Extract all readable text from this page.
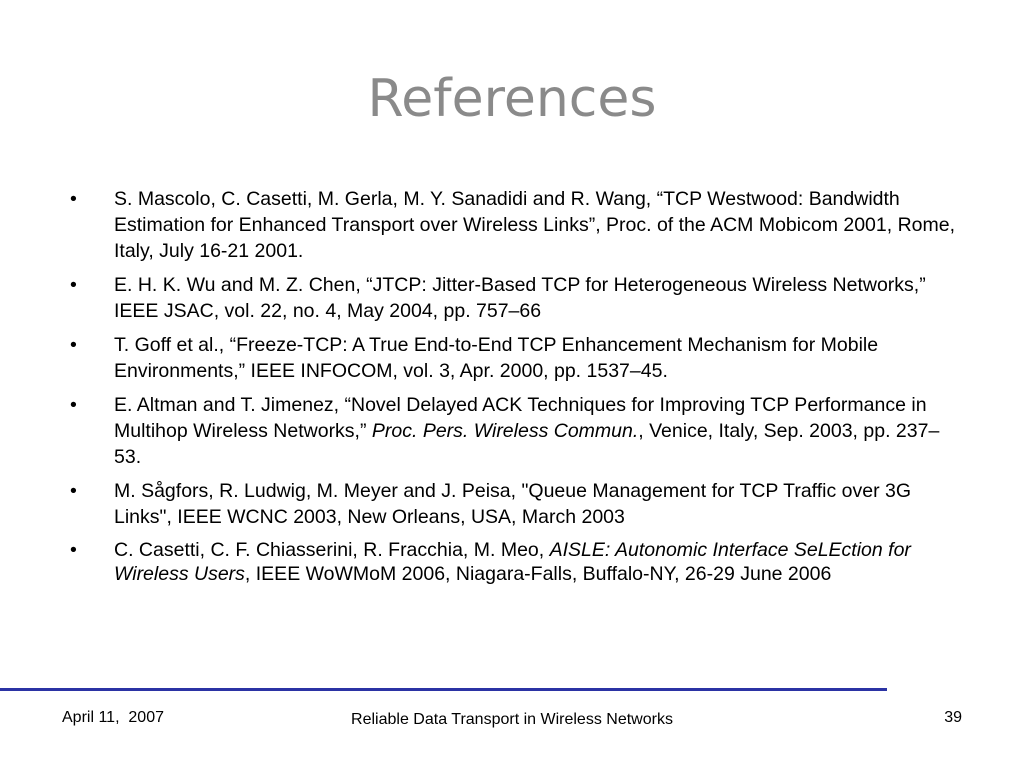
References
•	S. Mascolo, C. Casetti, M. Gerla, M. Y. Sanadidi and R. Wang, “TCP Westwood: Bandwidth Estimation for Enhanced Transport over Wireless Links”, Proc. of the ACM Mobicom 2001, Rome, Italy, July 16-21 2001.
•	E. H. K. Wu and M. Z. Chen, “JTCP: Jitter-Based TCP for Heterogeneous Wireless Networks,” IEEE JSAC, vol. 22, no. 4, May 2004, pp. 757–66
•	T. Goff et al., “Freeze-TCP: A True End-to-End TCP Enhancement Mechanism for Mobile Environments,” IEEE INFOCOM, vol. 3, Apr. 2000, pp. 1537–45.
•	E. Altman and T. Jimenez, “Novel Delayed ACK Techniques for Improving TCP Performance in Multihop Wireless Networks,” Proc. Pers. Wireless Commun., Venice, Italy, Sep. 2003, pp. 237–53.
•	M. Sågfors, R. Ludwig, M. Meyer and J. Peisa, "Queue Management for TCP Traffic over 3G Links", IEEE WCNC 2003, New Orleans, USA, March 2003
•	C. Casetti, C. F. Chiasserini, R. Fracchia, M. Meo, AISLE: Autonomic Interface SeLEction for Wireless Users, IEEE WoWMoM 2006, Niagara-Falls, Buffalo-NY, 26-29 June 2006
April 11,  2007	Reliable Data Transport in Wireless Networks	39
